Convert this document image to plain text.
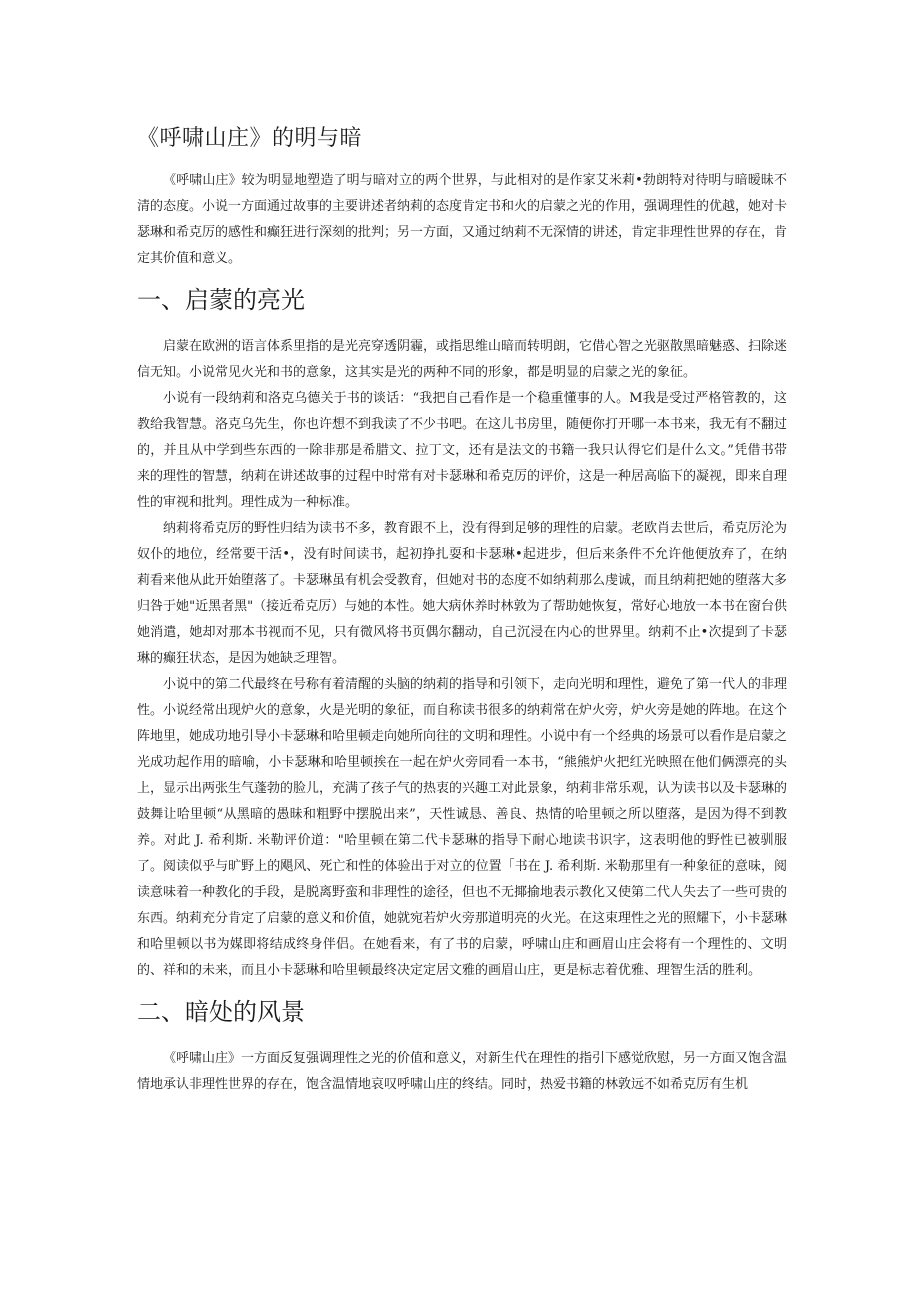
《呼啸山庄》的明与暗

《呼啸山庄》较为明显地塑造了明与暗对立的两个世界，与此相对的是作家艾米莉•勃朗特对待明与暗暧昧不清的态度。小说一方面通过故事的主要讲述者纳莉的态度肯定书和火的启蒙之光的作用，强调理性的优越，她对卡瑟琳和希克厉的感性和癫狂进行深刻的批判；另一方面，又通过纳莉不无深情的讲述，肯定非理性世界的存在，肯定其价值和意义。

一、启蒙的亮光

启蒙在欧洲的语言体系里指的是光亮穿透阴霾，或指思维山暗而转明朗，它借心智之光驱散黑暗魅惑、扫除迷信无知。小说常见火光和书的意象，这其实是光的两种不同的形象，都是明显的启蒙之光的象征。

小说有一段纳莉和洛克乌德关于书的谈话：“我把自己看作是一个稳重懂事的人。M我是受过严格管教的，这教给我智慧。洛克乌先生，你也许想不到我读了不少书吧。在这儿书房里，随便你打开哪一本书来，我无有不翻过的，并且从中学到些东西的一除非那是希腊文、拉丁文，还有是法文的书籍一我只认得它们是什么文。”凭借书带来的理性的智慧，纳莉在讲述故事的过程中时常有对卡瑟琳和希克厉的评价，这是一种居高临下的凝视，即来自理性的审视和批判。理性成为一种标准。

纳莉将希克厉的野性归结为读书不多，教育跟不上，没有得到足够的理性的启蒙。老欧肖去世后，希克厉沦为奴仆的地位，经常要干活•，没有时间读书，起初挣扎耍和卡瑟琳•起进步，但后来条件不允许他便放弃了，在纳莉看来他从此开始堕落了。卡瑟琳虽有机会受教育，但她对书的态度不如纳莉那么虔诚，而且纳莉把她的堕落大多归咎于她"近黑者黑"（接近希克厉）与她的本性。她大病休养时林敦为了帮助她恢复，常好心地放一本书在窗台供她消遣，她却对那本书视而不见，只有微风将书页偶尔翻动，自己沉浸在内心的世界里。纳莉不止•次提到了卡瑟琳的癫狂状态，是因为她缺乏理智。

小说中的第二代最终在号称有着清醒的头脑的纳莉的指导和引领下，走向光明和理性，避免了第一代人的非理性。小说经常出现炉火的意象，火是光明的象征，而自称读书很多的纳莉常在炉火旁，炉火旁是她的阵地。在这个阵地里，她成功地引导小卡瑟琳和哈里顿走向她所向往的文明和理性。小说中有一个经典的场景可以看作是启蒙之光成功起作用的暗喻，小卡瑟琳和哈里顿挨在一起在炉火旁同看一本书，“熊熊炉火把红光映照在他们俩漂亮的头上，显示出两张生气蓬勃的脸儿，充满了孩子气的热衷的兴趣工对此景象，纳莉非常乐观，认为读书以及卡瑟琳的鼓舞让哈里顿“从黑暗的愚昧和粗野中摆脱出来”，天性诚恳、善良、热情的哈里顿之所以堕落，是因为得不到教养。对此 J. 希利斯. 米勒评价道："哈里顿在第二代卡瑟琳的指导下耐心地读书识字，这表明他的野性已被驯服了。阅读似乎与旷野上的飓风、死亡和性的体验出于对立的位置「书在 J. 希利斯. 米勒那里有一种象征的意味，阅读意味着一种教化的手段，是脱离野蛮和非理性的途径，但也不无揶揄地表示教化又使第二代人失去了一些可贵的东西。纳莉充分肯定了启蒙的意义和价值，她就宛若炉火旁那道明亮的火光。在这束理性之光的照耀下，小卡瑟琳和哈里顿以书为媒即将结成终身伴侣。在她看来，有了书的启蒙，呼啸山庄和画眉山庄会将有一个理性的、文明的、祥和的未来，而且小卡瑟琳和哈里顿最终决定定居文雅的画眉山庄，更是标志着优雅、理智生活的胜利。

二、暗处的风景

《呼啸山庄》一方面反复强调理性之光的价值和意义，对新生代在理性的指引下感觉欣慰，另一方面又饱含温情地承认非理性世界的存在，饱含温情地哀叹呼啸山庄的终结。同时，热爱书籍的林敦远不如希克厉有生机
